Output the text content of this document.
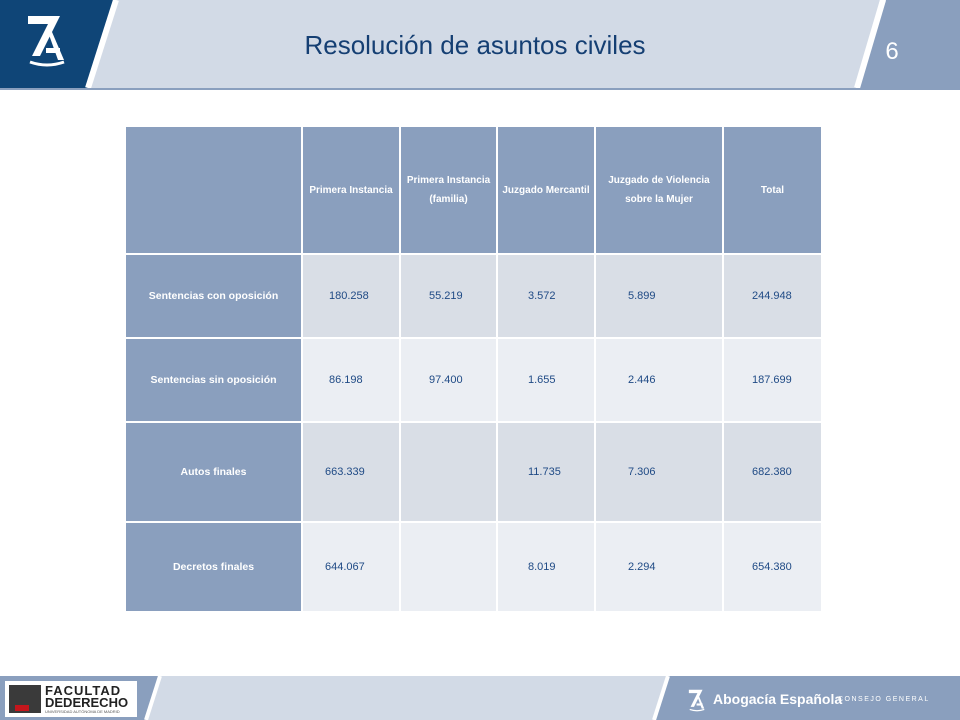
Resolución de asuntos civiles	6
	Primera Instancia	Primera Instancia (familia)	Juzgado Mercantil	Juzgado de Violencia sobre la Mujer	Total
Sentencias con oposición	180.258	55.219	3.572	5.899	244.948
Sentencias sin oposición	86.198	97.400	1.655	2.446	187.699
Autos finales	663.339		11.735	7.306	682.380
Decretos finales	644.067		8.019	2.294	654.380
FACULTAD
DEDERECHO
UNIVERSIDAD AUTÓNOMA DE MADRID
Abogacía Española
CONSEJO GENERAL
